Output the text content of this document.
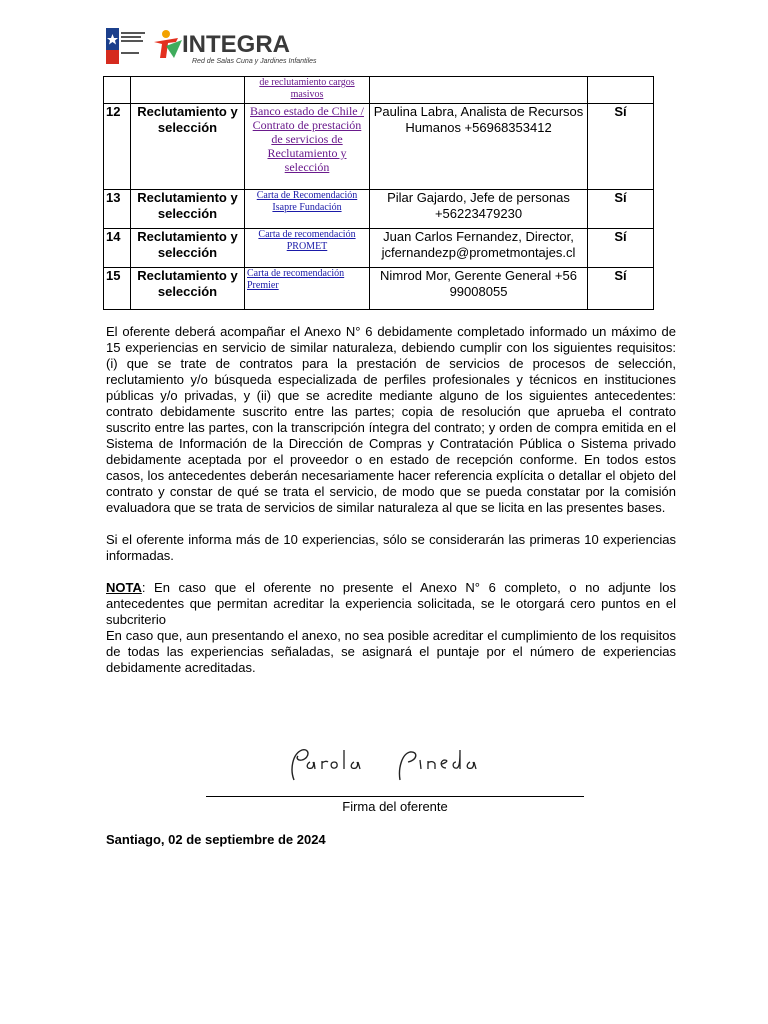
INTEGRA
Red de Salas Cuna y Jardines Infantiles
		de reclutamiento cargos masivos		
12	Reclutamiento y selección	Banco estado de Chile / Contrato de prestación de servicios de Reclutamiento y selección	Paulina Labra, Analista de Recursos Humanos +56968353412	Sí
13	Reclutamiento y selección	Carta de Recomendación Isapre Fundación	Pilar Gajardo, Jefe de personas +56223479230	Sí
14	Reclutamiento y selección	Carta de recomendación PROMET	Juan Carlos Fernandez, Director, jcfernandezp@prometmontajes.cl	Sí
15	Reclutamiento y selección	Carta de recomendación Premier	Nimrod Mor, Gerente General +56 99008055	Sí
El oferente deberá acompañar el Anexo N° 6 debidamente completado informado un máximo de 15 experiencias en servicio de similar naturaleza, debiendo cumplir con los siguientes requisitos: (i) que se trate de contratos para la prestación de servicios de procesos de selección, reclutamiento y/o búsqueda especializada de perfiles profesionales y técnicos en instituciones públicas y/o privadas, y (ii) que se acredite mediante alguno de los siguientes antecedentes: contrato debidamente suscrito entre las partes; copia de resolución que aprueba el contrato suscrito entre las partes, con la transcripción íntegra del contrato; y orden de compra emitida en el Sistema de Información de la Dirección de Compras y Contratación Pública o Sistema privado debidamente aceptada por el proveedor o en estado de recepción conforme. En todos estos casos, los antecedentes deberán necesariamente hacer referencia explícita o detallar el objeto del contrato y constar de qué se trata el servicio, de modo que se pueda constatar por la comisión evaluadora que se trata de servicios de similar naturaleza al que se licita en las presentes bases.
Si el oferente informa más de 10 experiencias, sólo se considerarán las primeras 10 experiencias informadas.
NOTA: En caso que el oferente no presente el Anexo N° 6 completo, o no adjunte los antecedentes que permitan acreditar la experiencia solicitada, se le otorgará cero puntos en el subcriterio
En caso que, aun presentando el anexo, no sea posible acreditar el cumplimiento de los requisitos de todas las experiencias señaladas, se asignará el puntaje por el número de experiencias debidamente acreditadas.
Firma del oferente
Santiago, 02 de septiembre de 2024
